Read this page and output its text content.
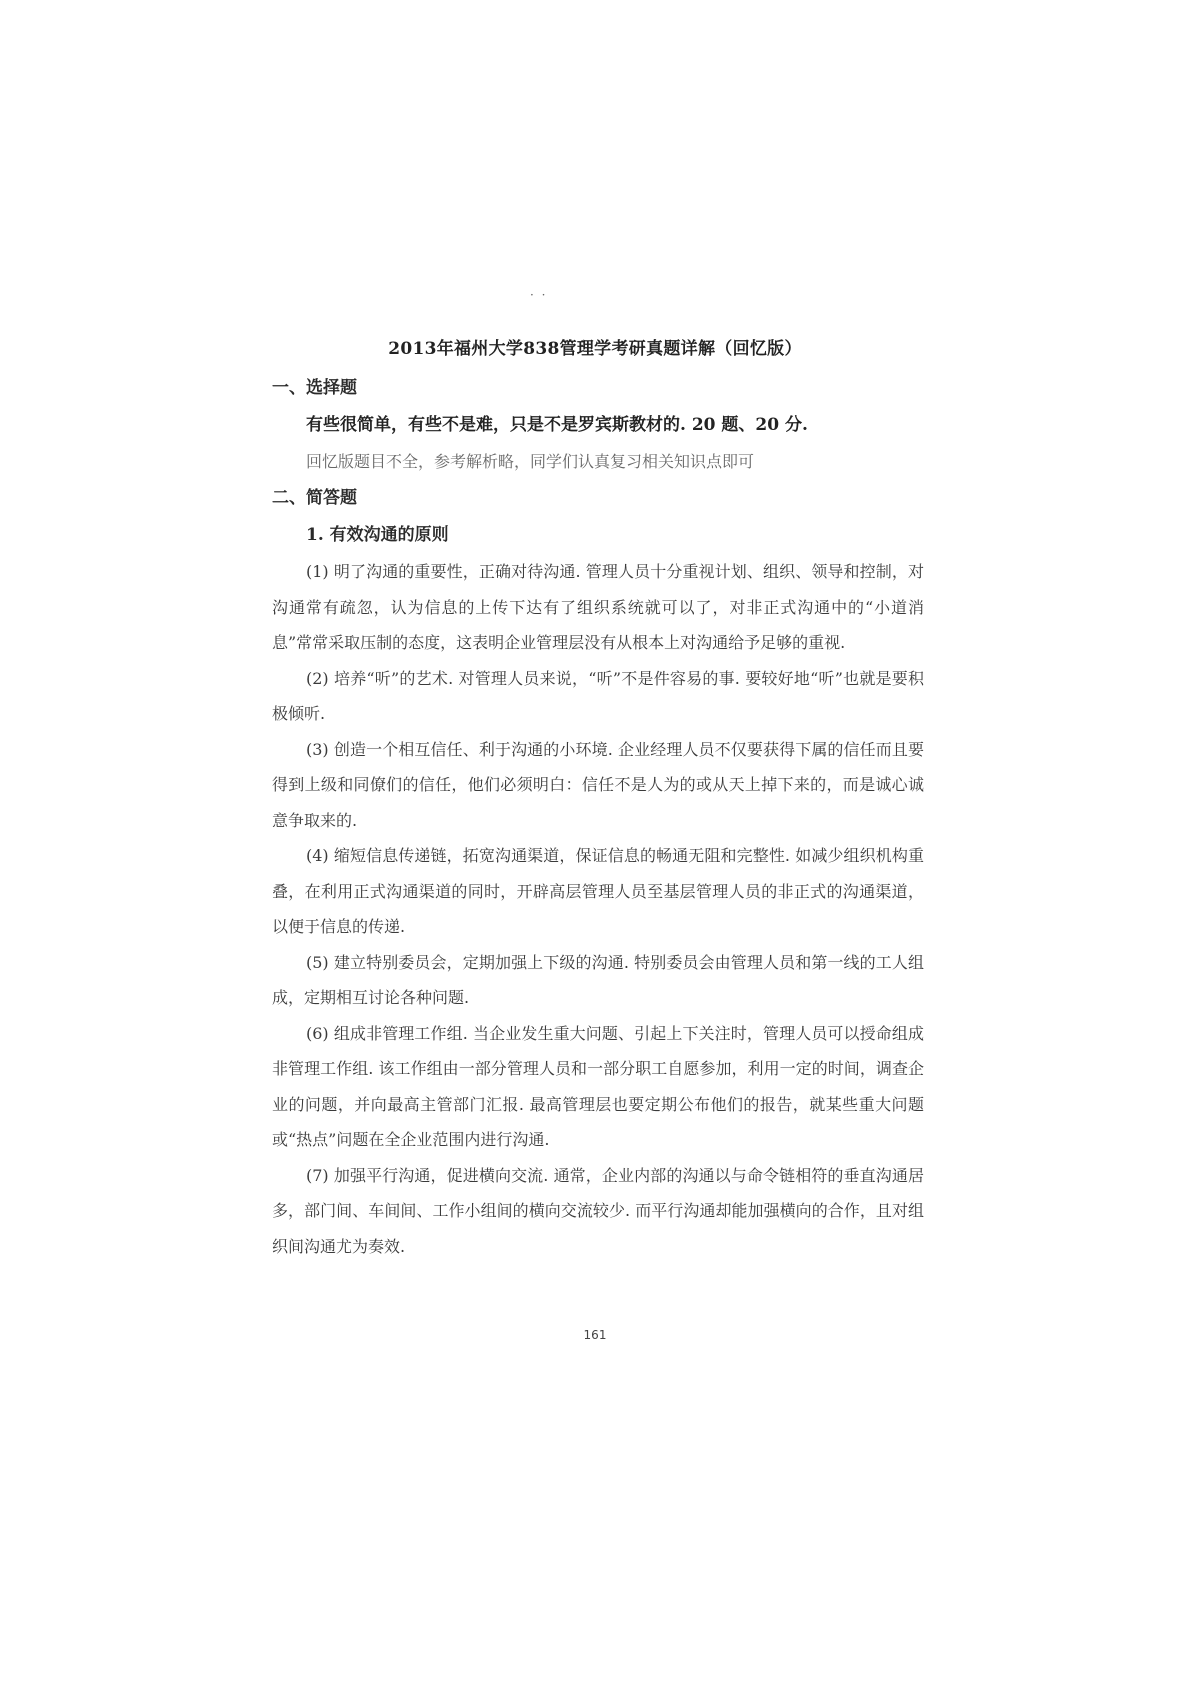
· ·
2013年福州大学838管理学考研真题详解（回忆版）
一、选择题

有些很简单，有些不是难，只是不是罗宾斯教材的. 20 题、20 分.

回忆版题目不全，参考解析略，同学们认真复习相关知识点即可

二、简答题
1. 有效沟通的原则

(1) 明了沟通的重要性，正确对待沟通. 管理人员十分重视计划、组织、领导和控制，对沟通常有疏忽，认为信息的上传下达有了组织系统就可以了，对非正式沟通中的“小道消息”常常采取压制的态度，这表明企业管理层没有从根本上对沟通给予足够的重视.

(2) 培养“听”的艺术. 对管理人员来说，“听”不是件容易的事. 要较好地“听”也就是要积极倾听.

(3) 创造一个相互信任、利于沟通的小环境. 企业经理人员不仅要获得下属的信任而且要得到上级和同僚们的信任，他们必须明白：信任不是人为的或从天上掉下来的，而是诚心诚意争取来的.

(4) 缩短信息传递链，拓宽沟通渠道，保证信息的畅通无阻和完整性. 如减少组织机构重叠，在利用正式沟通渠道的同时，开辟高层管理人员至基层管理人员的非正式的沟通渠道，以便于信息的传递.

(5) 建立特别委员会，定期加强上下级的沟通. 特别委员会由管理人员和第一线的工人组成，定期相互讨论各种问题.

(6) 组成非管理工作组. 当企业发生重大问题、引起上下关注时，管理人员可以授命组成非管理工作组. 该工作组由一部分管理人员和一部分职工自愿参加，利用一定的时间，调查企业的问题，并向最高主管部门汇报. 最高管理层也要定期公布他们的报告，就某些重大问题或“热点”问题在全企业范围内进行沟通.

(7) 加强平行沟通，促进横向交流. 通常，企业内部的沟通以与命令链相符的垂直沟通居多，部门间、车间间、工作小组间的横向交流较少. 而平行沟通却能加强横向的合作，且对组织间沟通尤为奏效.

161
